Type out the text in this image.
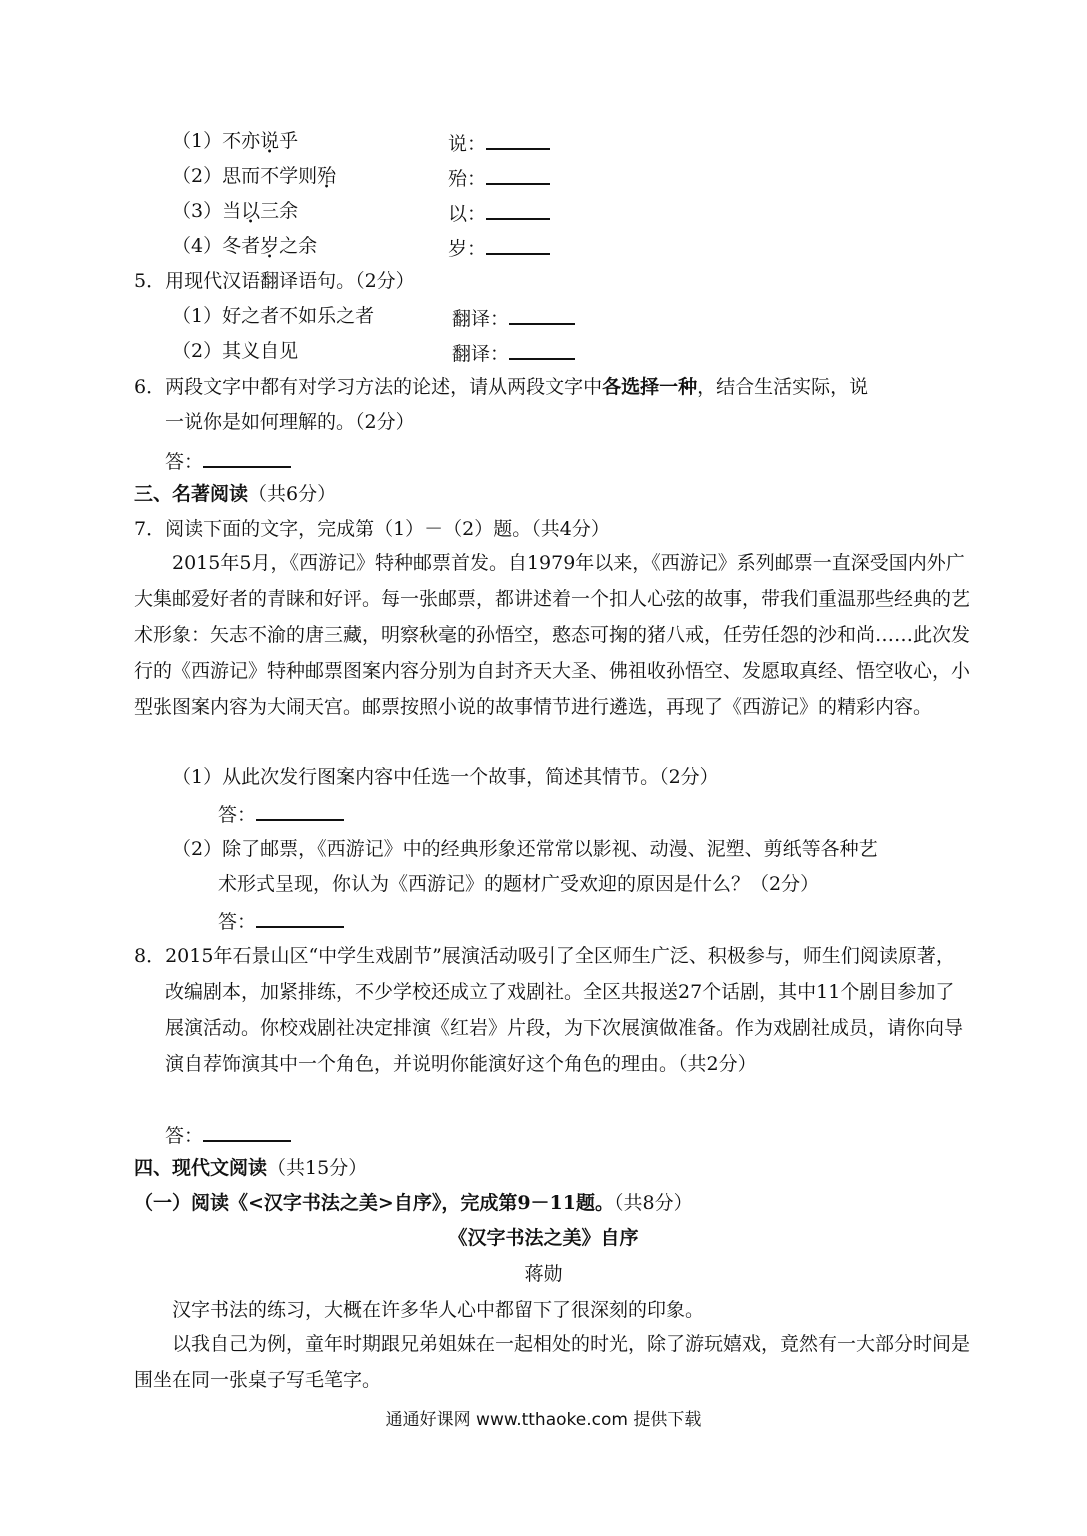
（1）不亦说乎	说：
（2）思而不学则殆	殆：
（3）当以三余	以：
（4）冬者岁之余	岁：
5．用现代汉语翻译语句。（2分）
（1）好之者不如乐之者	翻译：
（2）其义自见	翻译：
6．两段文字中都有对学习方法的论述，请从两段文字中各选择一种，结合生活实际，说
一说你是如何理解的。（2分）
答：
三、名著阅读（共6分）
7．阅读下面的文字，完成第（1）－（2）题。（共4分）
2015年5月，《西游记》特种邮票首发。自1979年以来，《西游记》系列邮票一直深受国内外广大集邮爱好者的青睐和好评。每一张邮票，都讲述着一个扣人心弦的故事，带我们重温那些经典的艺术形象：矢志不渝的唐三藏，明察秋毫的孙悟空，憨态可掬的猪八戒，任劳任怨的沙和尚……此次发行的《西游记》特种邮票图案内容分别为自封齐天大圣、佛祖收孙悟空、发愿取真经、悟空收心，小型张图案内容为大闹天宫。邮票按照小说的故事情节进行遴选，再现了《西游记》的精彩内容。
（1）从此次发行图案内容中任选一个故事，简述其情节。（2分）
答：
（2）除了邮票，《西游记》中的经典形象还常常以影视、动漫、泥塑、剪纸等各种艺
术形式呈现，你认为《西游记》的题材广受欢迎的原因是什么？（2分）
答：
8．2015年石景山区“中学生戏剧节”展演活动吸引了全区师生广泛、积极参与，师生们阅读原著，改编剧本，加紧排练，不少学校还成立了戏剧社。全区共报送27个话剧，其中11个剧目参加了展演活动。你校戏剧社决定排演《红岩》片段，为下次展演做准备。作为戏剧社成员，请你向导演自荐饰演其中一个角色，并说明你能演好这个角色的理由。（共2分）
答：
四、现代文阅读（共15分）
（一）阅读《<汉字书法之美>自序》，完成第9－11题。（共8分）
《汉字书法之美》自序
蒋勋
汉字书法的练习，大概在许多华人心中都留下了很深刻的印象。
以我自己为例，童年时期跟兄弟姐妹在一起相处的时光，除了游玩嬉戏，竟然有一大部分时间是围坐在同一张桌子写毛笔字。
通通好课网 www.tthaoke.com 提供下载
